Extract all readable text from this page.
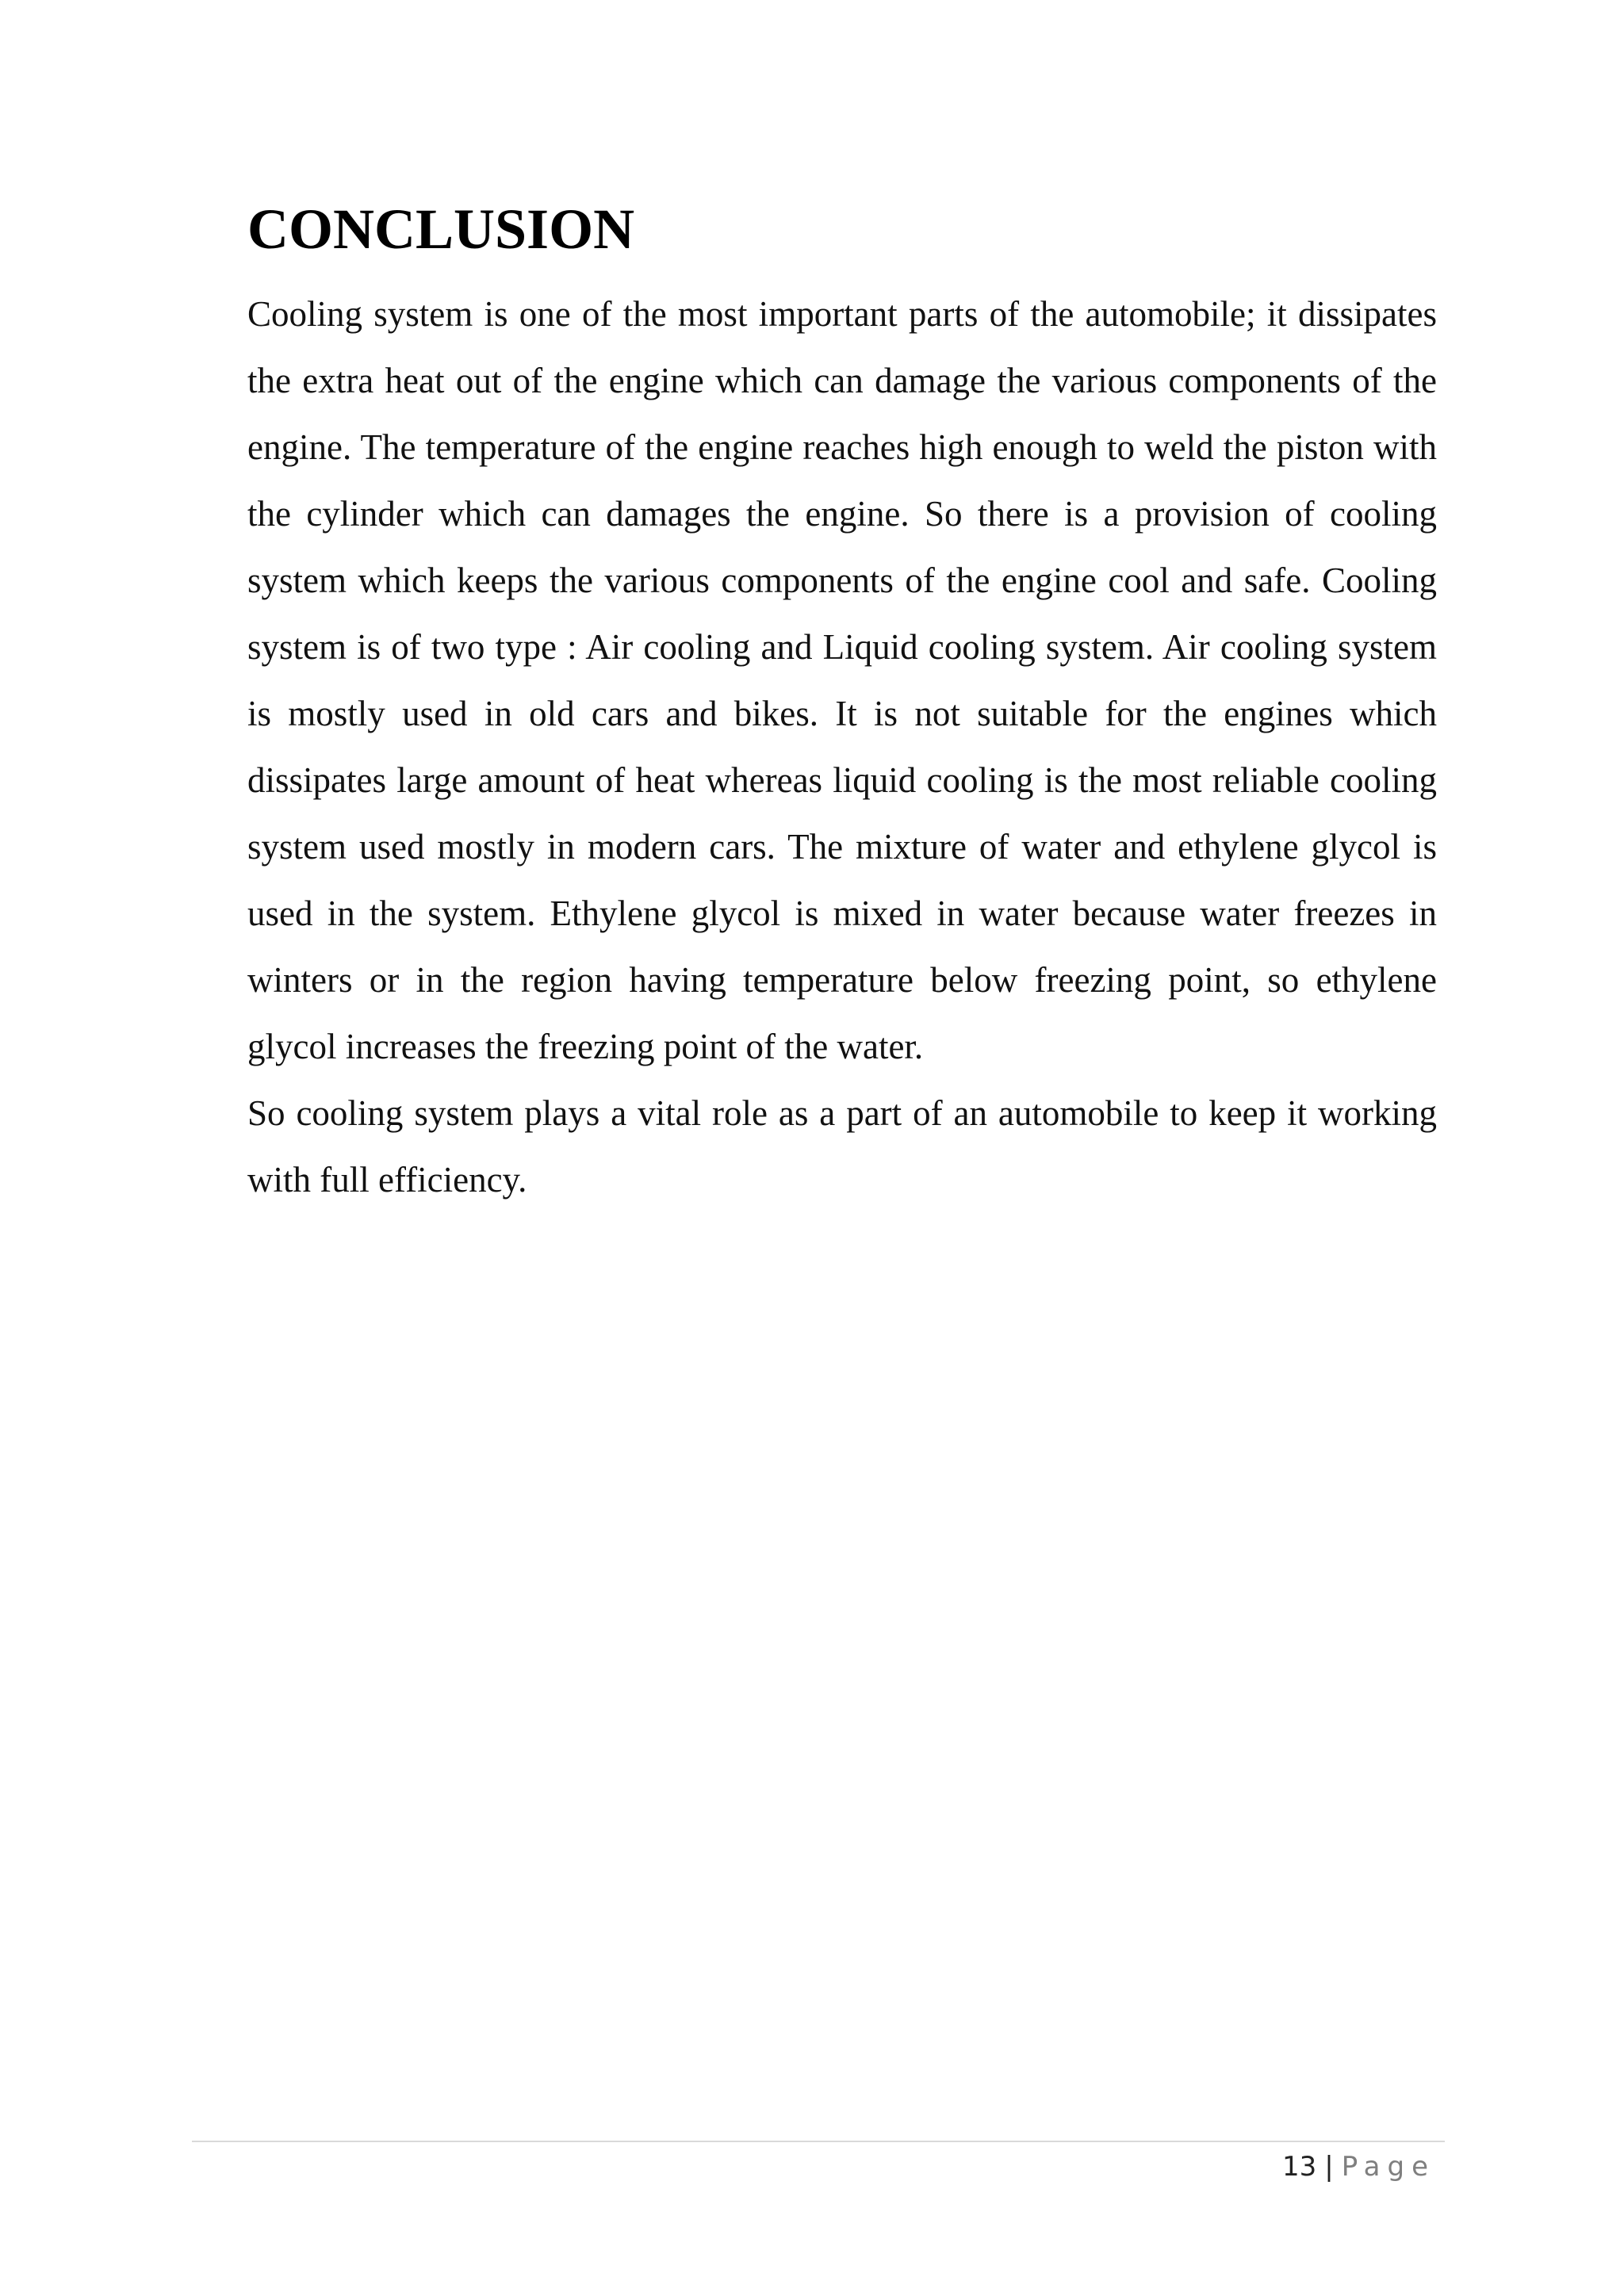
CONCLUSION

Cooling system is one of the most important parts of the automobile; it dissipates the extra heat out of the engine which can damage the various components of the engine. The temperature of the engine reaches high enough to weld the piston with the cylinder which can damages the engine. So there is a provision of cooling system which keeps the various components of the engine cool and safe. Cooling system is of two type : Air cooling and Liquid cooling system. Air cooling system is mostly used in old cars and bikes. It is not suitable for the engines which dissipates large amount of heat whereas liquid cooling is the most reliable cooling system used mostly in modern cars. The mixture of water and ethylene glycol is used in the system. Ethylene glycol is mixed in water because water freezes in winters or in the region having temperature below freezing point, so ethylene glycol increases the freezing point of the water.

So cooling system plays a vital role as a part of an automobile to keep it working with full efficiency.

13 | Page
